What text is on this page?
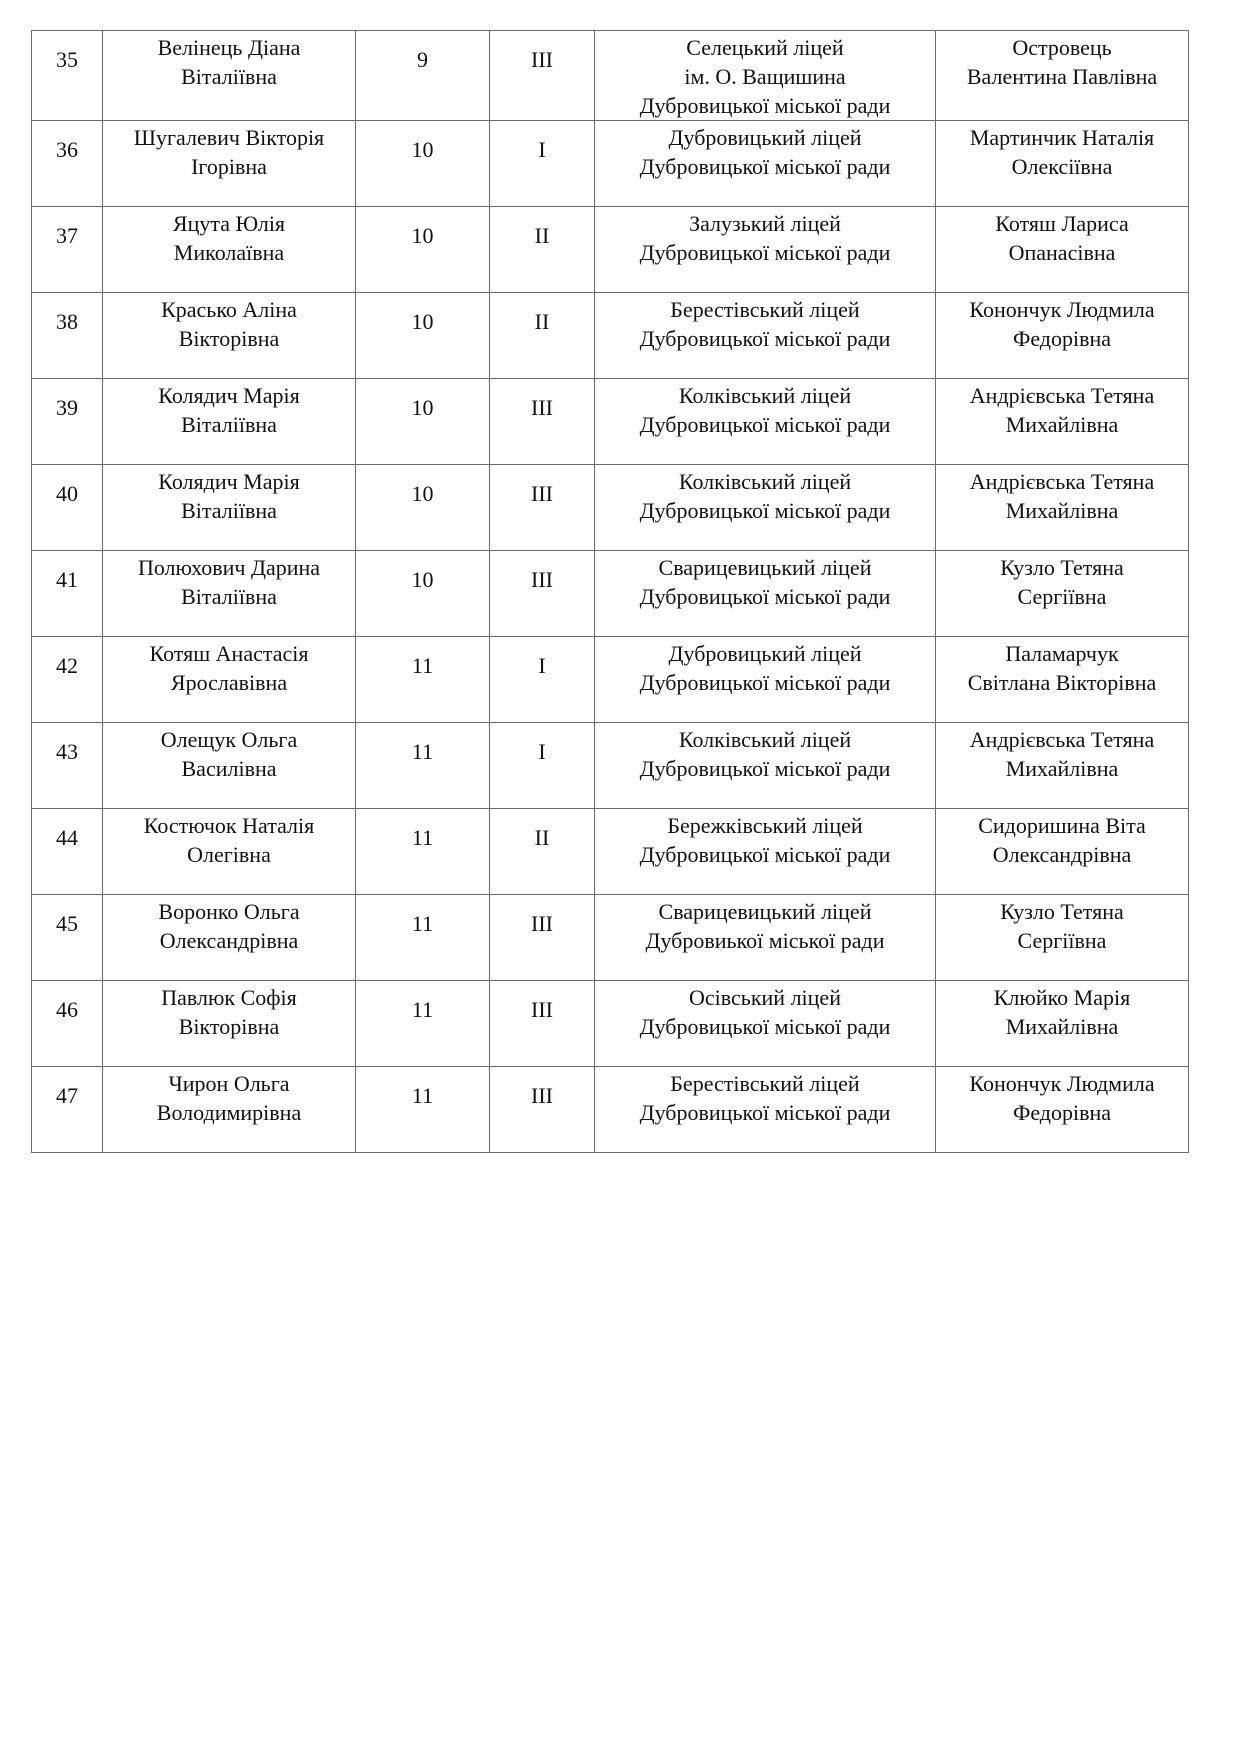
35	Велінець Діана
Віталіївна	9	III	Селецький ліцей
ім. О. Ващишина
Дубровицької міської ради	Островець
Валентина Павлівна

36	Шугалевич Вікторія
Ігорівна	10	I	Дубровицький ліцей
Дубровицької міської ради	Мартинчик Наталія
Олексіївна

37	Яцута Юлія
Миколаївна	10	II	Залузький ліцей
Дубровицької міської ради	Котяш Лариса
Опанасівна

38	Красько Аліна
Вікторівна	10	II	Берестівський ліцей
Дубровицької міської ради	Конончук Людмила
Федорівна

39	Колядич Марія
Віталіївна	10	III	Колківський ліцей
Дубровицької міської ради	Андрієвська Тетяна
Михайлівна

40	Колядич Марія
Віталіївна	10	III	Колківський ліцей
Дубровицької міської ради	Андрієвська Тетяна
Михайлівна

41	Полюхович Дарина
Віталіївна	10	III	Сварицевицький ліцей
Дубровицької міської ради	Кузло Тетяна
Сергіївна

42	Котяш Анастасія
Ярославівна	11	I	Дубровицький ліцей
Дубровицької міської ради	Паламарчук
Світлана Вікторівна

43	Олещук Ольга
Василівна	11	I	Колківський ліцей
Дубровицької міської ради	Андрієвська Тетяна
Михайлівна

44	Костючок Наталія
Олегівна	11	II	Бережківський ліцей
Дубровицької міської ради	Сидоришина Віта
Олександрівна

45	Воронко Ольга
Олександрівна	11	III	Сварицевицький ліцей
Дубровиької міської ради	Кузло Тетяна
Сергіївна

46	Павлюк Софія
Вікторівна	11	III	Осівський ліцей
Дубровицької міської ради	Клюйко Марія
Михайлівна

47	Чирон Ольга
Володимирівна	11	III	Берестівський ліцей
Дубровицької міської ради	Конончук Людмила
Федорівна
